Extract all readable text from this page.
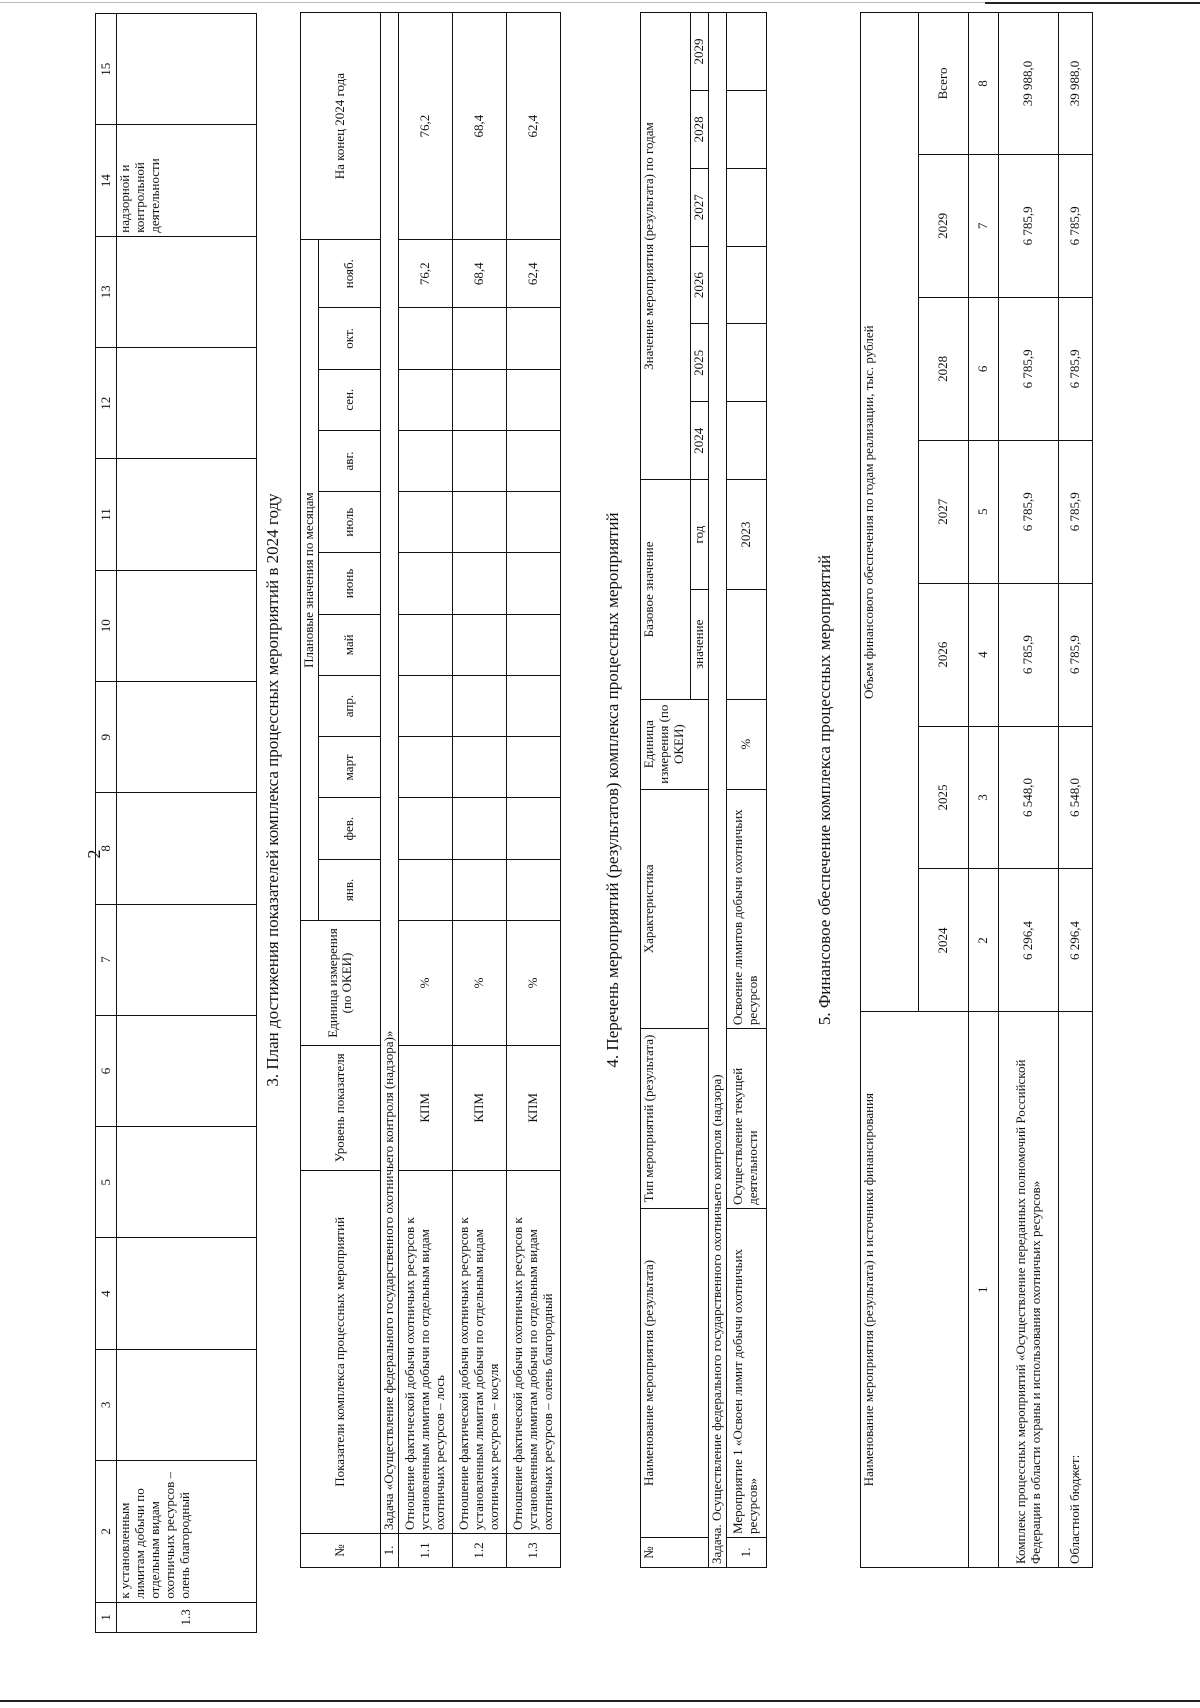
2
1	2	3	4	5	6	7	8	9	10	11	12	13	14	15
1.3	к установленным лимитам добычи по отдельным видам охотничьих ресурсов – олень благородный												надзорной и контрольной деятельности	
3. План достижения показателей комплекса процессных мероприятий в 2024 году
№	Показатели комплекса процессных мероприятий	Уровень показателя	Единица измерения (по ОКЕИ)	Плановые значения по месяцам											На конец 2024 года
				янв.	фев.	март	апр.	май	июнь	июль	авг.	сен.	окт.	нояб.	
1.	Задача «Осуществление федерального государственного охотничьего контроля (надзора)»														
1.1	Отношение фактической добычи охотничьих ресурсов к установленным лимитам добычи по отдельным видам охотничьих ресурсов – лось	КПМ	%											76,2	76,2
1.2	Отношение фактической добычи охотничьих ресурсов к установленным лимитам добычи по отдельным видам охотничьих ресурсов – косуля	КПМ	%											68,4	68,4
1.3	Отношение фактической добычи охотничьих ресурсов к установленным лимитам добычи по отдельным видам охотничьих ресурсов – олень благородный	КПМ	%											62,4	62,4
4. Перечень мероприятий (результатов) комплекса процессных мероприятий
№	Наименование мероприятия (результата)	Тип мероприятий (результата)	Характеристика	Единица измерения (по ОКЕИ)	Базовое значение		Значение мероприятия (результата) по годам					
					значение	год	2024	2025	2026	2027	2028	2029
Задача. Осуществление федерального государственного охотничьего контроля (надзора)												
1.	Мероприятие 1 «Освоен лимит добычи охотничьих ресурсов»	Осуществление текущей деятельности	Освоение лимитов добычи охотничьих ресурсов	%		2023						
5. Финансовое обеспечение комплекса процессных мероприятий
Наименование мероприятия (результата) и источники финансирования	Объем финансового обеспечения по годам реализации, тыс. рублей						
	2024	2025	2026	2027	2028	2029	Всего
1	2	3	4	5	6	7	8
Комплекс процессных мероприятий «Осуществление переданных полномочий Российской Федерации в области охраны и использования охотничьих ресурсов»	6 296,4	6 548,0	6 785,9	6 785,9	6 785,9	6 785,9	39 988,0
Областной бюджет:	6 296,4	6 548,0	6 785,9	6 785,9	6 785,9	6 785,9	39 988,0
